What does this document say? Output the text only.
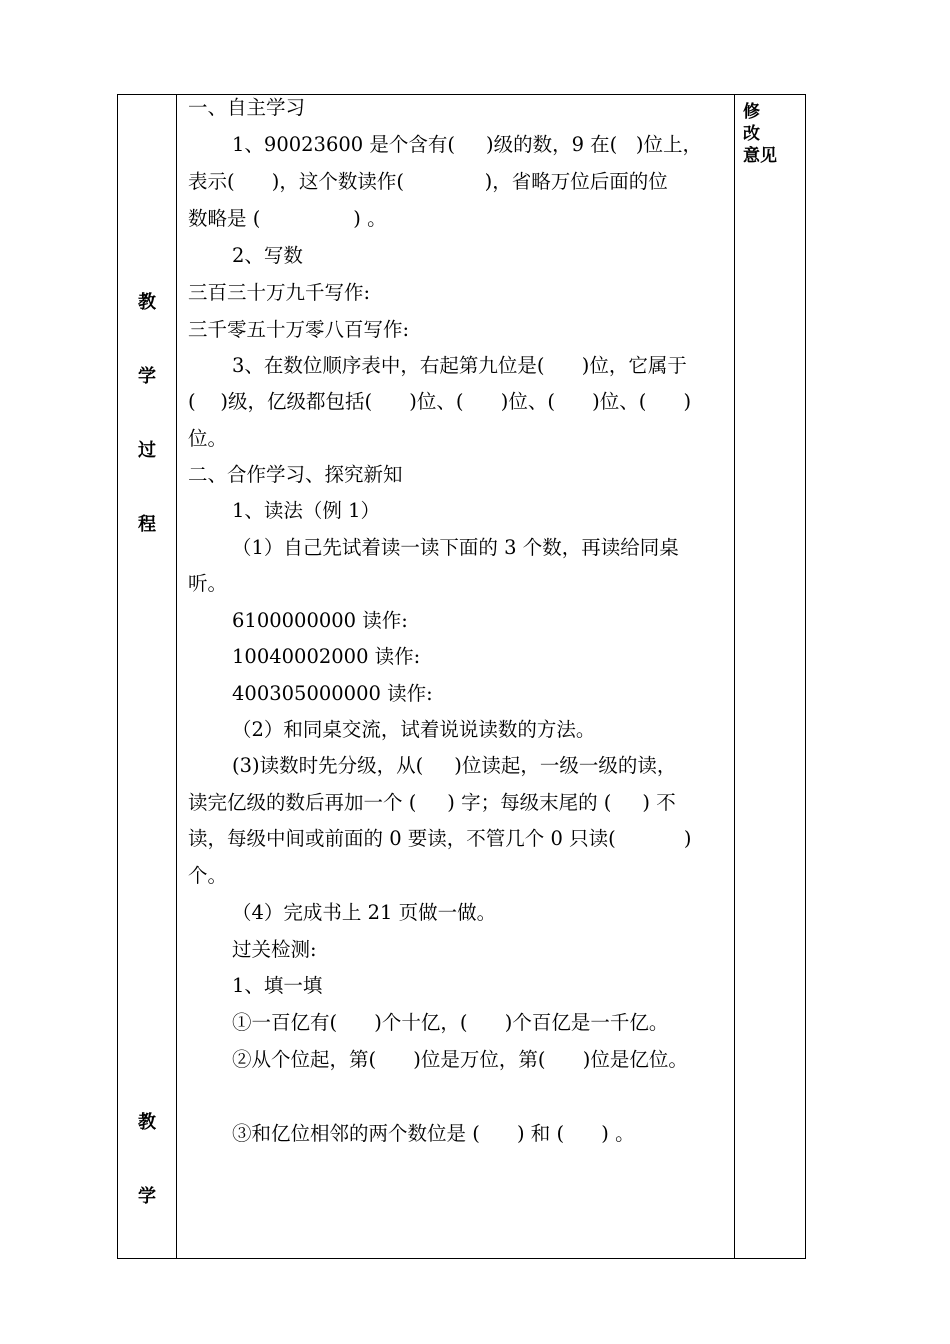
教
学
过
程
教
学
修 改
意见
一、自主学习
1、90023600 是个含有(     )级的数，9 在(   )位上，
表示(      )，这个数读作(             )，省略万位后面的位
数略是 (               ) 。
2、写数
三百三十万九千写作:
三千零五十万零八百写作:
3、在数位顺序表中，右起第九位是(      )位，它属于
(    )级，亿级都包括(      )位、(      )位、(      )位、(      )
位。
二、合作学习、探究新知
1、读法（例 1）
（1）自己先试着读一读下面的 3 个数，再读给同桌
听。
6100000000 读作:
10040002000 读作:
400305000000 读作:
（2）和同桌交流，试着说说读数的方法。
(3)读数时先分级，从(     )位读起，一级一级的读，
读完亿级的数后再加一个 (     ) 字；每级末尾的 (     ) 不
读，每级中间或前面的 0 要读，不管几个 0 只读(           )
个。
（4）完成书上 21 页做一做。
过关检测:
1、填一填
①一百亿有(      )个十亿，(      )个百亿是一千亿。
②从个位起，第(      )位是万位，第(      )位是亿位。
③和亿位相邻的两个数位是 (      ) 和 (      ) 。
